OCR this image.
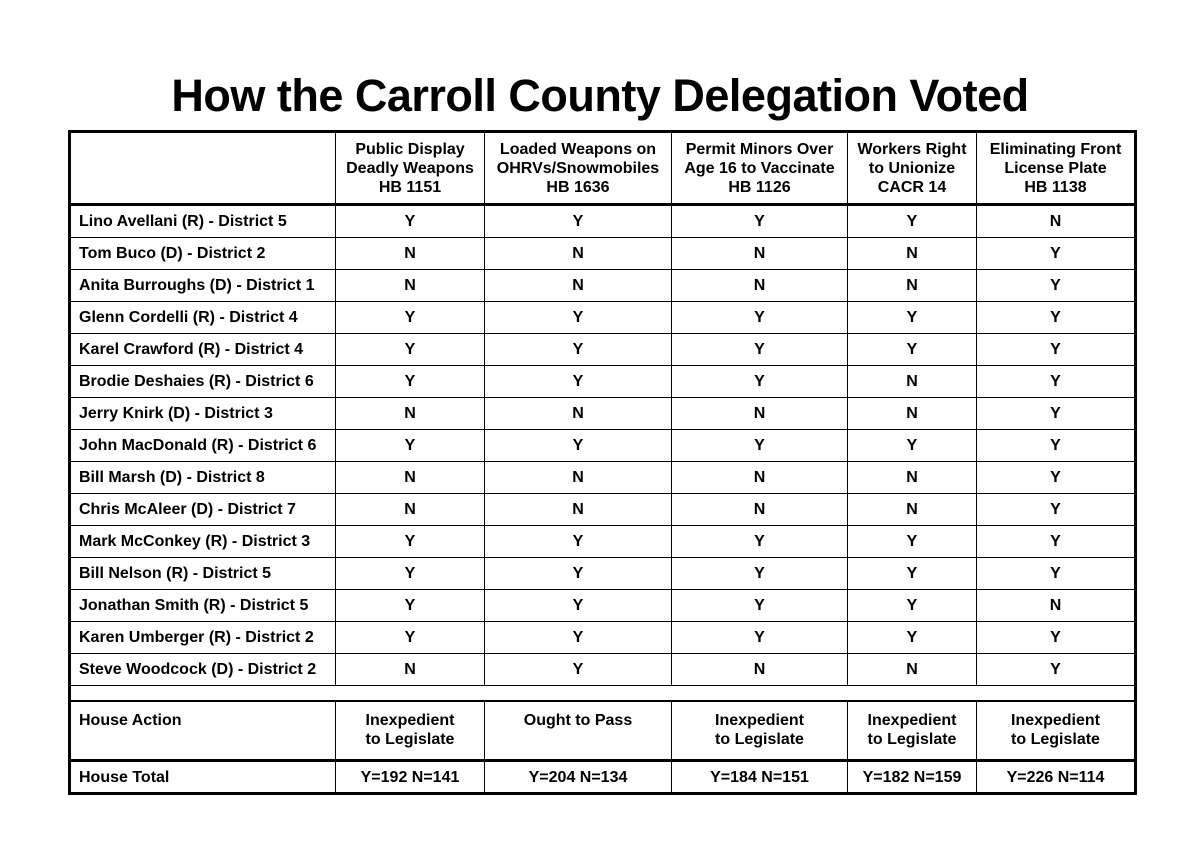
How the Carroll County Delegation Voted

	Public Display
Deadly Weapons
HB 1151	Loaded Weapons on
OHRVs/Snowmobiles
HB 1636	Permit Minors Over
Age 16 to Vaccinate
HB 1126	Workers Right
to Unionize
CACR 14	Eliminating Front
License Plate
HB 1138

Lino Avellani (R) - District 5	Y	Y	Y	Y	N
Tom Buco (D) - District 2	N	N	N	N	Y
Anita Burroughs (D) - District 1	N	N	N	N	Y
Glenn Cordelli (R) - District 4	Y	Y	Y	Y	Y
Karel Crawford (R) - District 4	Y	Y	Y	Y	Y
Brodie Deshaies (R) - District 6	Y	Y	Y	N	Y
Jerry Knirk (D) - District 3	N	N	N	N	Y
John MacDonald (R) - District 6	Y	Y	Y	Y	Y
Bill Marsh (D) - District 8	N	N	N	N	Y
Chris McAleer (D) - District 7	N	N	N	N	Y
Mark McConkey (R) - District 3	Y	Y	Y	Y	Y
Bill Nelson (R) - District 5	Y	Y	Y	Y	Y
Jonathan Smith (R) - District 5	Y	Y	Y	Y	N
Karen Umberger (R) - District 2	Y	Y	Y	Y	Y
Steve Woodcock (D) - District 2	N	Y	N	N	Y

House Action	Inexpedient
to Legislate	Ought to Pass	Inexpedient
to Legislate	Inexpedient
to Legislate	Inexpedient
to Legislate
House Total	Y=192 N=141	Y=204 N=134	Y=184 N=151	Y=182 N=159	Y=226 N=114
